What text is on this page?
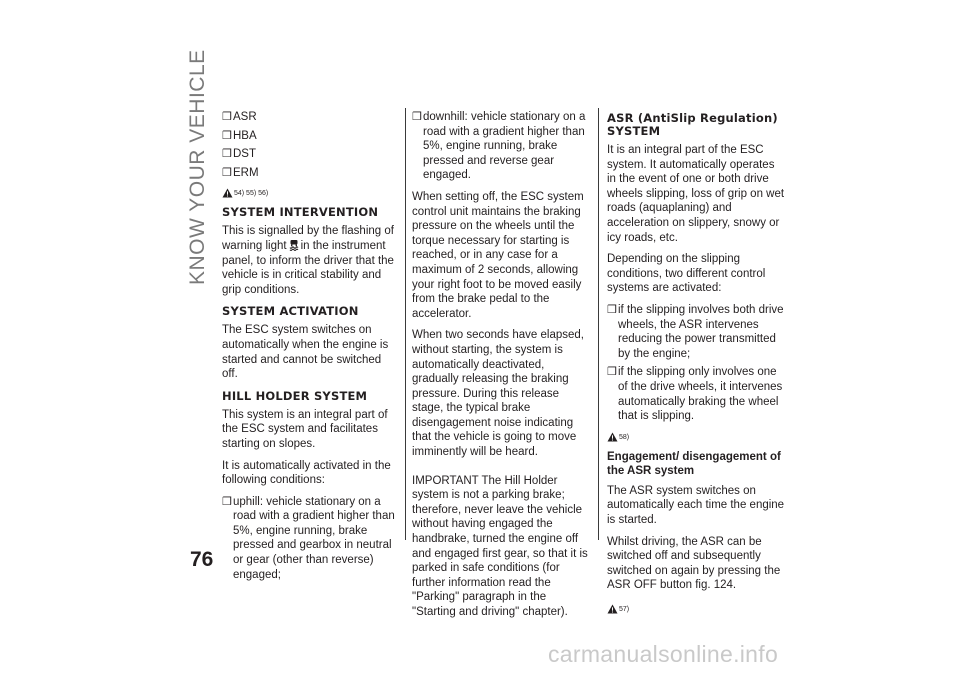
KNOW YOUR VEHICLE
76
❒ ASR
❒ HBA
❒ DST
❒ ERM
54) 55) 56)
SYSTEM INTERVENTION

This is signalled by the flashing of warning light in the instrument panel, to inform the driver that the vehicle is in critical stability and grip conditions.

SYSTEM ACTIVATION

The ESC system switches on automatically when the engine is started and cannot be switched off.

HILL HOLDER SYSTEM

This system is an integral part of the ESC system and facilitates starting on slopes.

It is automatically activated in the following conditions:

❒ uphill: vehicle stationary on a road with a gradient higher than 5%, engine running, brake pressed and gearbox in neutral or gear (other than reverse) engaged;
❒ downhill: vehicle stationary on a road with a gradient higher than 5%, engine running, brake pressed and reverse gear engaged.

When setting off, the ESC system control unit maintains the braking pressure on the wheels until the torque necessary for starting is reached, or in any case for a maximum of 2 seconds, allowing your right foot to be moved easily from the brake pedal to the accelerator.

When two seconds have elapsed, without starting, the system is automatically deactivated, gradually releasing the braking pressure. During this release stage, the typical brake disengagement noise indicating that the vehicle is going to move imminently will be heard.

IMPORTANT The Hill Holder system is not a parking brake; therefore, never leave the vehicle without having engaged the handbrake, turned the engine off and engaged first gear, so that it is parked in safe conditions (for further information read the "Parking" paragraph in the "Starting and driving" chapter).

ASR (AntiSlip Regulation) SYSTEM

It is an integral part of the ESC system. It automatically operates in the event of one or both drive wheels slipping, loss of grip on wet roads (aquaplaning) and acceleration on slippery, snowy or icy roads, etc.

Depending on the slipping conditions, two different control systems are activated:

❒ if the slipping involves both drive wheels, the ASR intervenes reducing the power transmitted by the engine;
❒ if the slipping only involves one of the drive wheels, it intervenes automatically braking the wheel that is slipping.
58)

Engagement/ disengagement of the ASR system

The ASR system switches on automatically each time the engine is started.

Whilst driving, the ASR can be switched off and subsequently switched on again by pressing the ASR OFF button fig. 124.

57)
carmanualsonline.info
